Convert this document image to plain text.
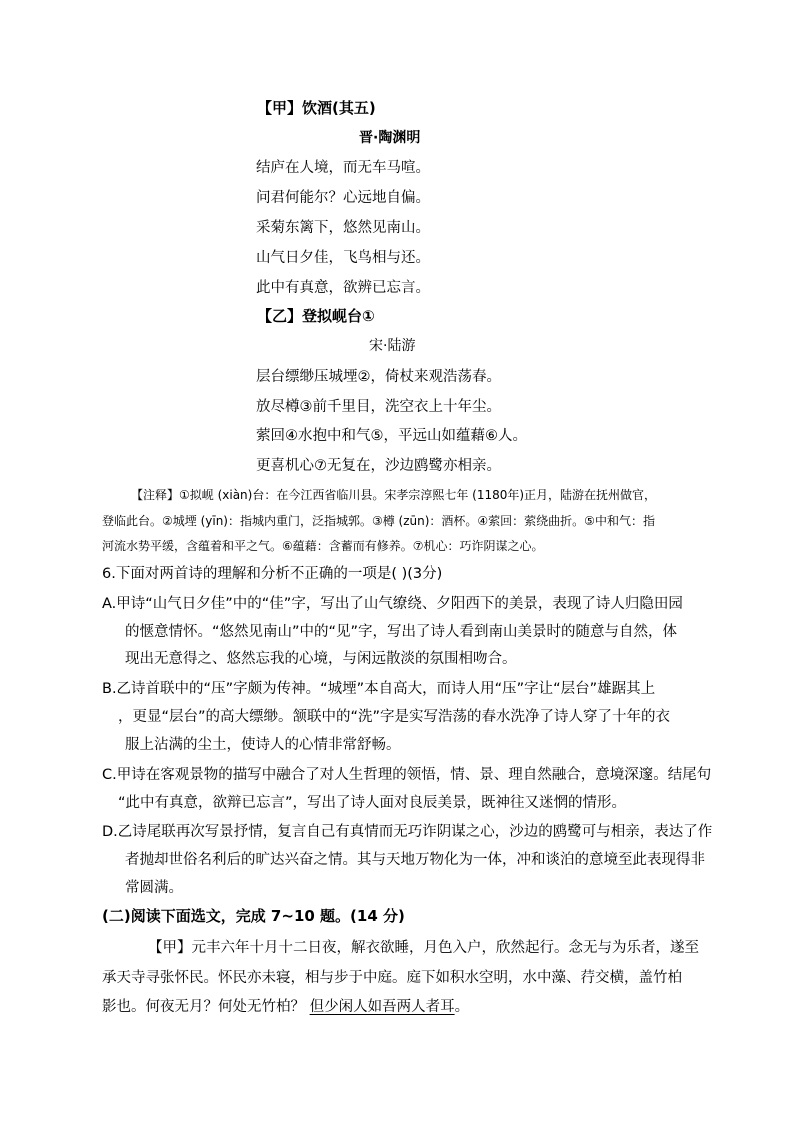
【甲】饮酒(其五)
晋·陶渊明
结庐在人境，而无车马喧。
问君何能尔？心远地自偏。
采菊东篱下，悠然见南山。
山气日夕佳，飞鸟相与还。
此中有真意，欲辨已忘言。
【乙】登拟岘台①
宋·陆游
层台缥缈压城堙②，倚杖来观浩荡春。
放尽樽③前千里目，洗空衣上十年尘。
萦回④水抱中和气⑤，平远山如蕴藉⑥人。
更喜机心⑦无复在，沙边鸥鹭亦相亲。
【注释】①拟岘 (xiàn)台：在今江西省临川县。宋孝宗淳熙七年 (1180年)正月，陆游在抚州做官，
登临此台。②城堙 (yīn)：指城内重门，泛指城郭。③樽 (zūn)：酒杯。④萦回：萦绕曲折。⑤中和气：指
河流水势平缓，含蕴着和平之气。⑥蕴藉：含蓄而有修养。⑦机心：巧诈阴谋之心。
6.下面对两首诗的理解和分析不正确的一项是( )(3分)
A.甲诗“山气日夕佳”中的“佳”字，写出了山气缭绕、夕阳西下的美景，表现了诗人归隐田园
的惬意情怀。“悠然见南山”中的“见”字，写出了诗人看到南山美景时的随意与自然，体
现出无意得之、悠然忘我的心境，与闲远散淡的氛围相吻合。
B.乙诗首联中的“压”字颇为传神。“城堙”本自高大，而诗人用“压”字让“层台”雄踞其上
，更显“层台”的高大缥缈。颔联中的“洗”字是实写浩荡的春水洗净了诗人穿了十年的衣
服上沾满的尘土，使诗人的心情非常舒畅。
C.甲诗在客观景物的描写中融合了对人生哲理的领悟，情、景、理自然融合，意境深邃。结尾句
“此中有真意，欲辩已忘言”，写出了诗人面对良辰美景，既神往又迷惘的情形。
D.乙诗尾联再次写景抒情，复言自己有真情而无巧诈阴谋之心，沙边的鸥鹭可与相亲，表达了作
者抛却世俗名利后的旷达兴奋之情。其与天地万物化为一体，冲和谈泊的意境至此表现得非
常圆满。
(二)阅读下面选文，完成 7~10 题。(14 分)
【甲】元丰六年十月十二日夜，解衣欲睡，月色入户，欣然起行。念无与为乐者，遂至
承天寺寻张怀民。怀民亦未寝，相与步于中庭。庭下如积水空明，水中藻、荇交横，盖竹柏
影也。何夜无月？何处无竹柏？ 但少闲人如吾两人者耳。
